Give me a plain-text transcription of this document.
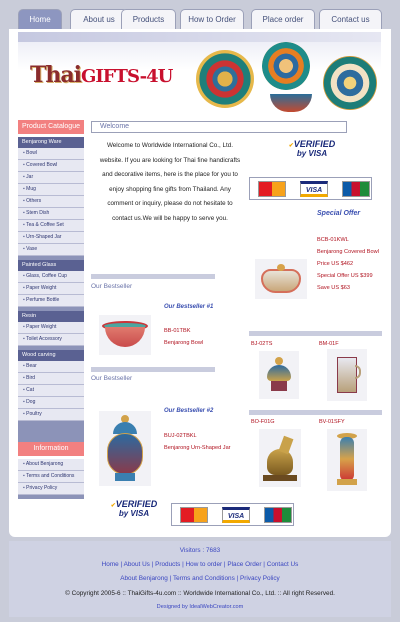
Home	About us	Products	How to Order	Place order	Contact us
ThaiGIFTS-4U
Product Catalogue
Benjarong Ware
▪ Bowl
▪ Covered Bowl
▪ Jar
▪ Mug
▪ Others
▪ Stem Dish
▪ Tea & Coffee Set
▪ Urn-Shaped Jar
▪ Vase
Painted Glass
▪ Glass, Coffee Cup
▪ Paper Weight
▪ Perfume Bottle
Resin
▪ Paper Weight
▪ Toilet Accessory
Wood carving
▪ Bear
▪ Bird
▪ Cat
▪ Dog
▪ Poultry
Information
▪ About Benjarong
▪ Terms and Conditions
▪ Privacy Policy
Welcome
Welcome to Worldwide International Co., Ltd. website. If you are looking for Thai fine handicrafts and decorative items, here is the place for you to enjoy shopping fine gifts from Thailand. Any comment or inquiry, please do not hesitate to contact us.We will be happy to serve you.
✔VERIFIED
by VISA
VISA
Special Offer
BCB-01KWL
Benjarong Covered Bowl
Price US $462
Special Offer US $399
Save US $63
Our Bestseller
Our Bestseller #1
BB-01TBK
Benjarong Bowl
Our Bestseller
Our Bestseller #2
BUJ-02TBKL
Benjarong Urn-Shaped Jar
BJ-02TS	BM-01F
BO-F01G	BV-01SFY
✔VERIFIED
by VISA	VISA
Visitors : 7683
Home | About Us | Products | How to order | Place Order | Contact Us
About Benjarong | Terms and Conditions | Privacy Policy
© Copyright 2005-6 :: ThaiGifts-4u.com :: Worldwide International Co., Ltd. :: All right Reserved.
Designed by IdealWebCreator.com
